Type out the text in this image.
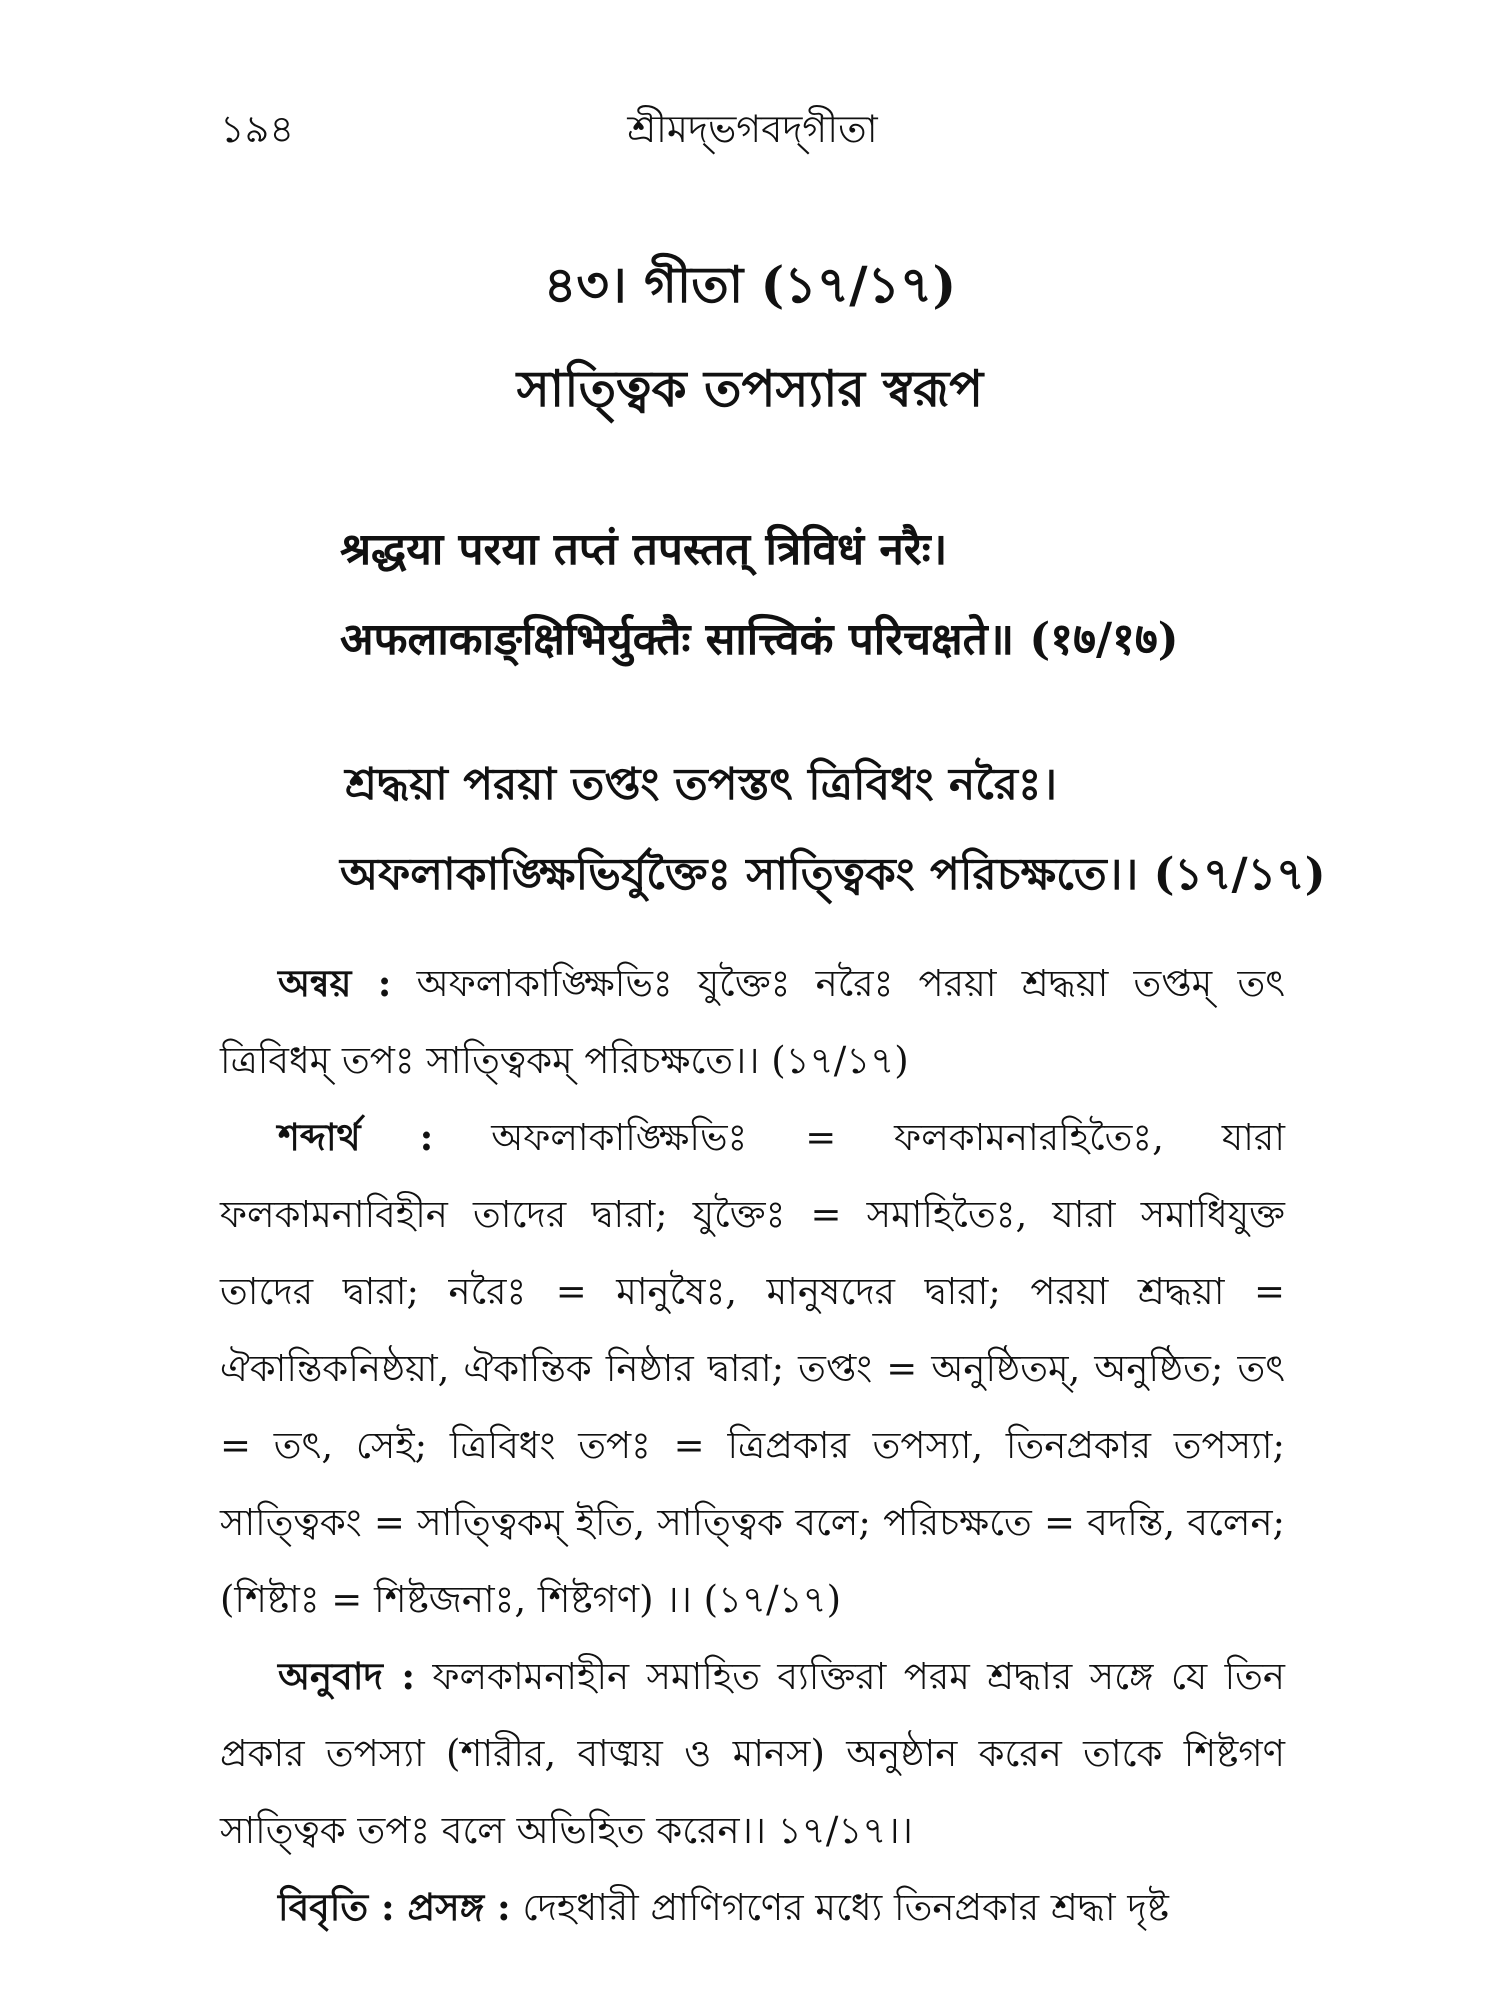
১৯৪	শ্রীমদ্‌ভগবদ্‌গীতা
৪৩। গীতা (১৭/১৭)
সাত্ত্বিক তপস্যার স্বরূপ
श्रद्धया परया तप्तं तपस्तत् त्रिविधं नरैः।
अफलाकाङ्क्षिभिर्युक्तैः सात्त्विकं परिचक्षते॥ (१७/१७)
শ্রদ্ধয়া পরয়া তপ্তং তপস্তৎ ত্রিবিধং নরৈঃ।
অফলাকাঙ্ক্ষিভির্যুক্তৈঃ সাত্ত্বিকং পরিচক্ষতে।। (১৭/১৭)

অন্বয় : অফলাকাঙ্ক্ষিভিঃ যুক্তৈঃ নরৈঃ পরয়া শ্রদ্ধয়া তপ্তম্ তৎ ত্রিবিধম্ তপঃ সাত্ত্বিকম্ পরিচক্ষতে।। (১৭/১৭)

শব্দার্থ : অফলাকাঙ্ক্ষিভিঃ = ফলকামনারহিতৈঃ, যারা ফলকামনাবিহীন তাদের দ্বারা; যুক্তৈঃ = সমাহিতৈঃ, যারা সমাধিযুক্ত তাদের দ্বারা; নরৈঃ = মানুষৈঃ, মানুষদের দ্বারা; পরয়া শ্রদ্ধয়া = ঐকান্তিকনিষ্ঠয়া, ঐকান্তিক নিষ্ঠার দ্বারা; তপ্তং = অনুষ্ঠিতম্, অনুষ্ঠিত; তৎ = তৎ, সেই; ত্রিবিধং তপঃ = ত্রিপ্রকার তপস্যা, তিনপ্রকার তপস্যা; সাত্ত্বিকং = সাত্ত্বিকম্ ইতি, সাত্ত্বিক বলে; পরিচক্ষতে = বদন্তি, বলেন; (শিষ্টাঃ = শিষ্টজনাঃ, শিষ্টগণ) ।। (১৭/১৭)

অনুবাদ : ফলকামনাহীন সমাহিত ব্যক্তিরা পরম শ্রদ্ধার সঙ্গে যে তিন প্রকার তপস্যা (শারীর, বাঙ্ময় ও মানস) অনুষ্ঠান করেন তাকে শিষ্টগণ সাত্ত্বিক তপঃ বলে অভিহিত করেন।। ১৭/১৭।।

বিবৃতি : প্রসঙ্গ : দেহধারী প্রাণিগণের মধ্যে তিনপ্রকার শ্রদ্ধা দৃষ্ট
